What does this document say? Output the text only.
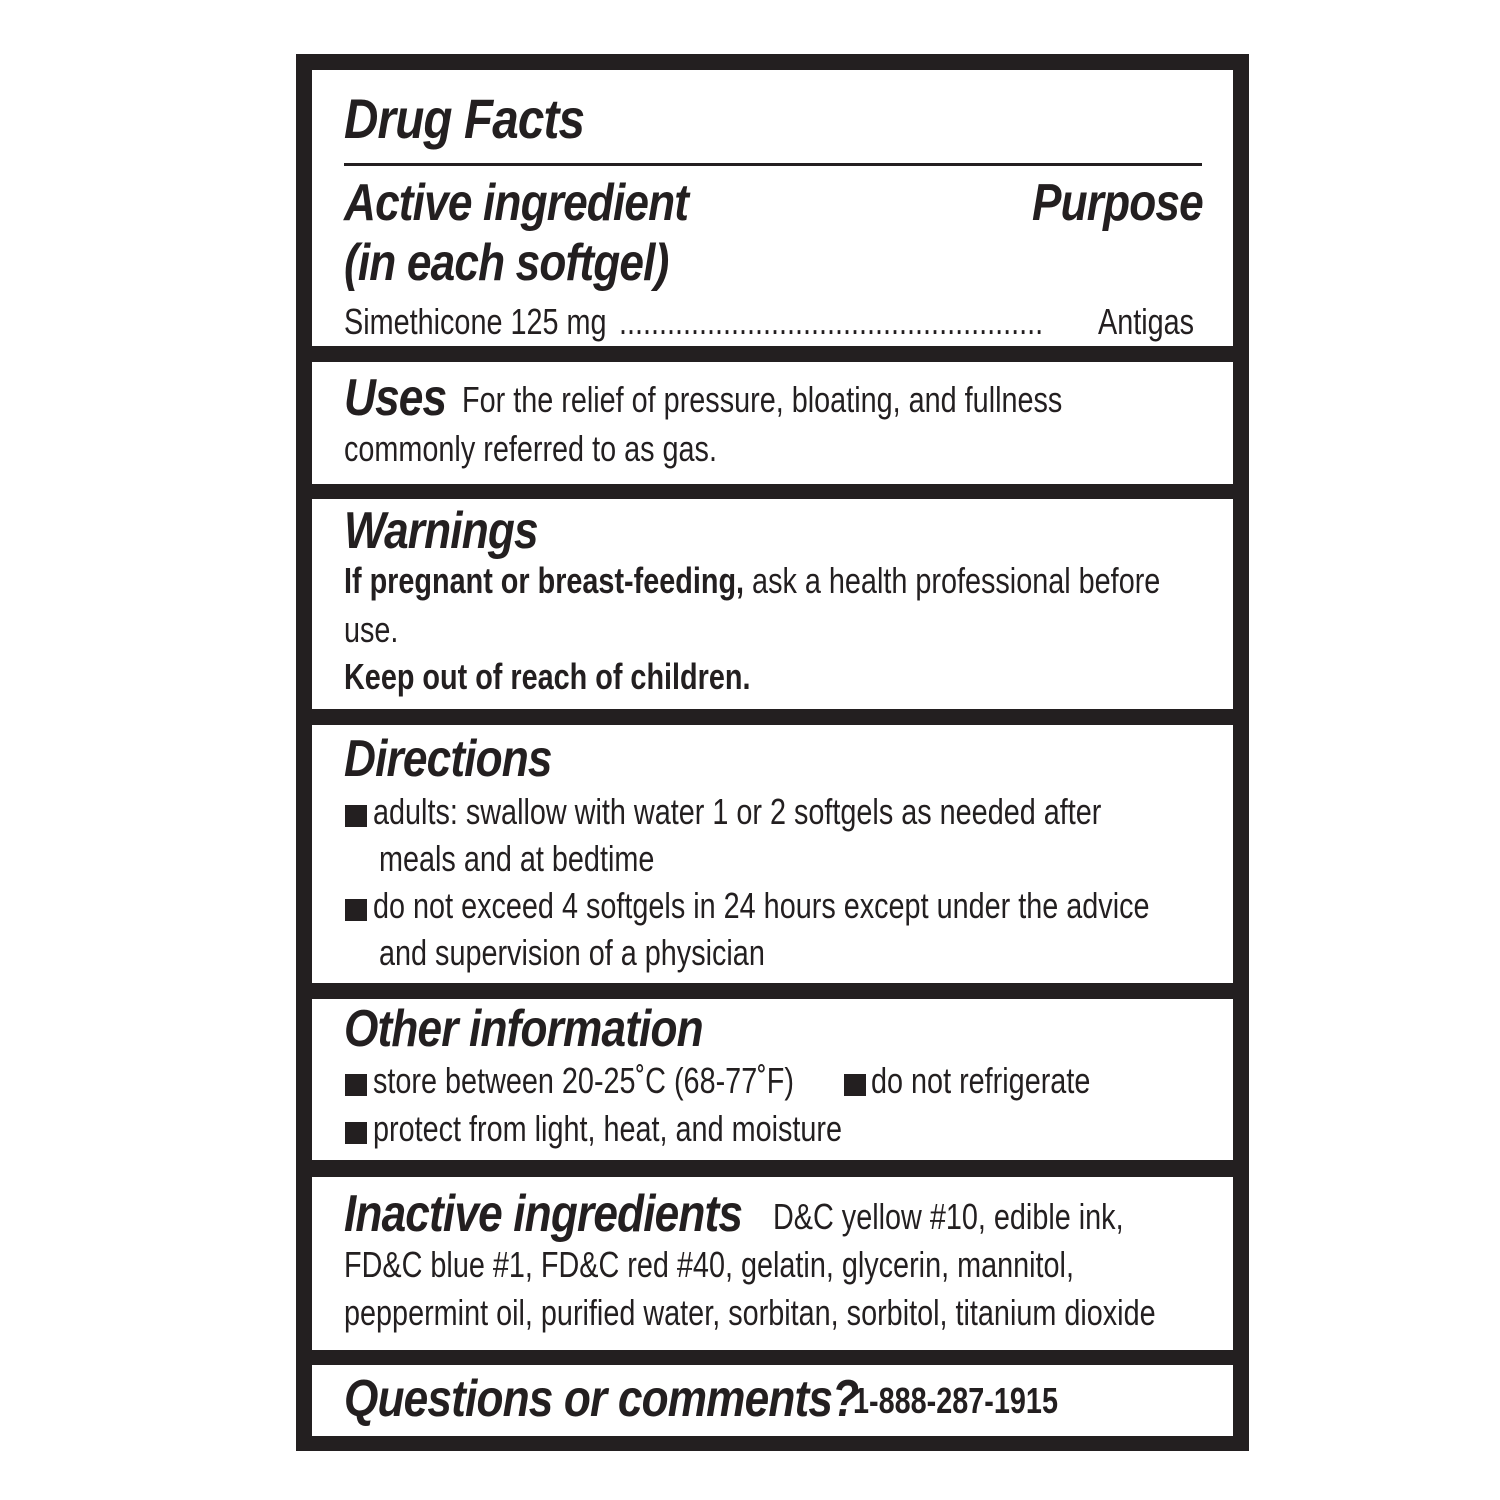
Drug Facts
Active ingredient
(in each softgel)
Purpose
Simethicone 125 mg ..................................................... Antigas
Uses For the relief of pressure, bloating, and fullness
commonly referred to as gas.
Warnings
If pregnant or breast-feeding, ask a health professional before
use.
Keep out of reach of children.
Directions
adults: swallow with water 1 or 2 softgels as needed after
meals and at bedtime
do not exceed 4 softgels in 24 hours except under the advice
and supervision of a physician
Other information
store between 20-25˚C (68-77˚F) do not refrigerate
protect from light, heat, and moisture
Inactive ingredients D&C yellow #10, edible ink,
FD&C blue #1, FD&C red #40, gelatin, glycerin, mannitol,
peppermint oil, purified water, sorbitan, sorbitol, titanium dioxide
Questions or comments?
1-888-287-1915
